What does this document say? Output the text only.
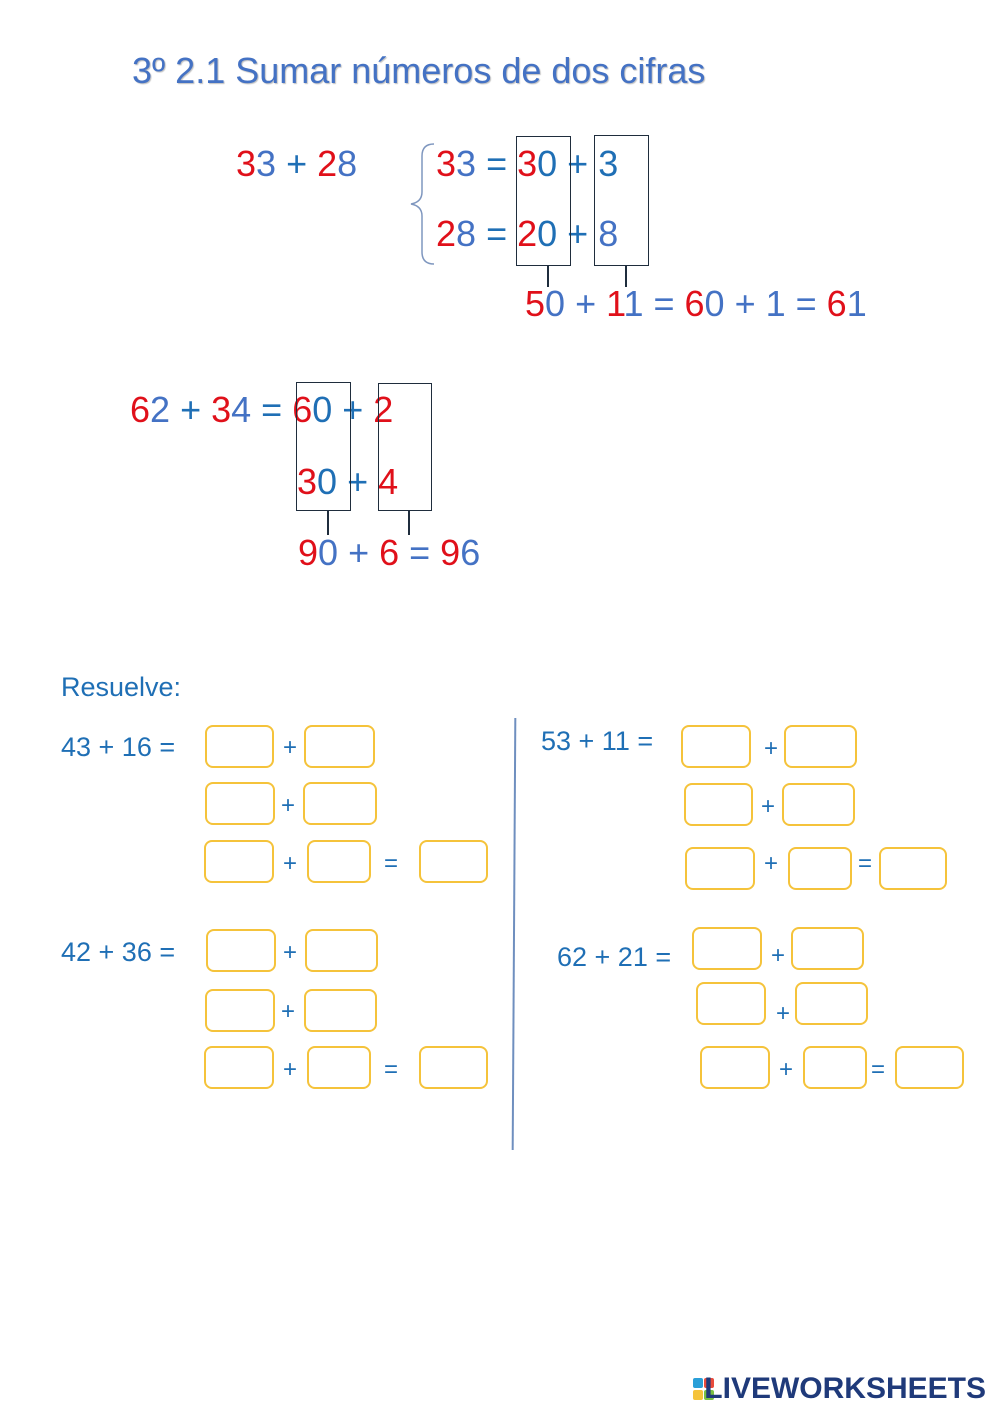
3º 2.1 Sumar números de dos cifras
33 + 28 33 = 30 + 3
28 = 20 + 8
50 + 11 = 60 + 1 = 61
62 + 34 = 60 + 2
30 + 4
90 + 6 = 96
Resuelve:
43 + 16 =
42 + 36 =
53 + 11 =
62 + 21 =
+
+
+	=
+
+
+	=
+
+
+	=
+
+
+	=
LIVEWORKSHEETS
